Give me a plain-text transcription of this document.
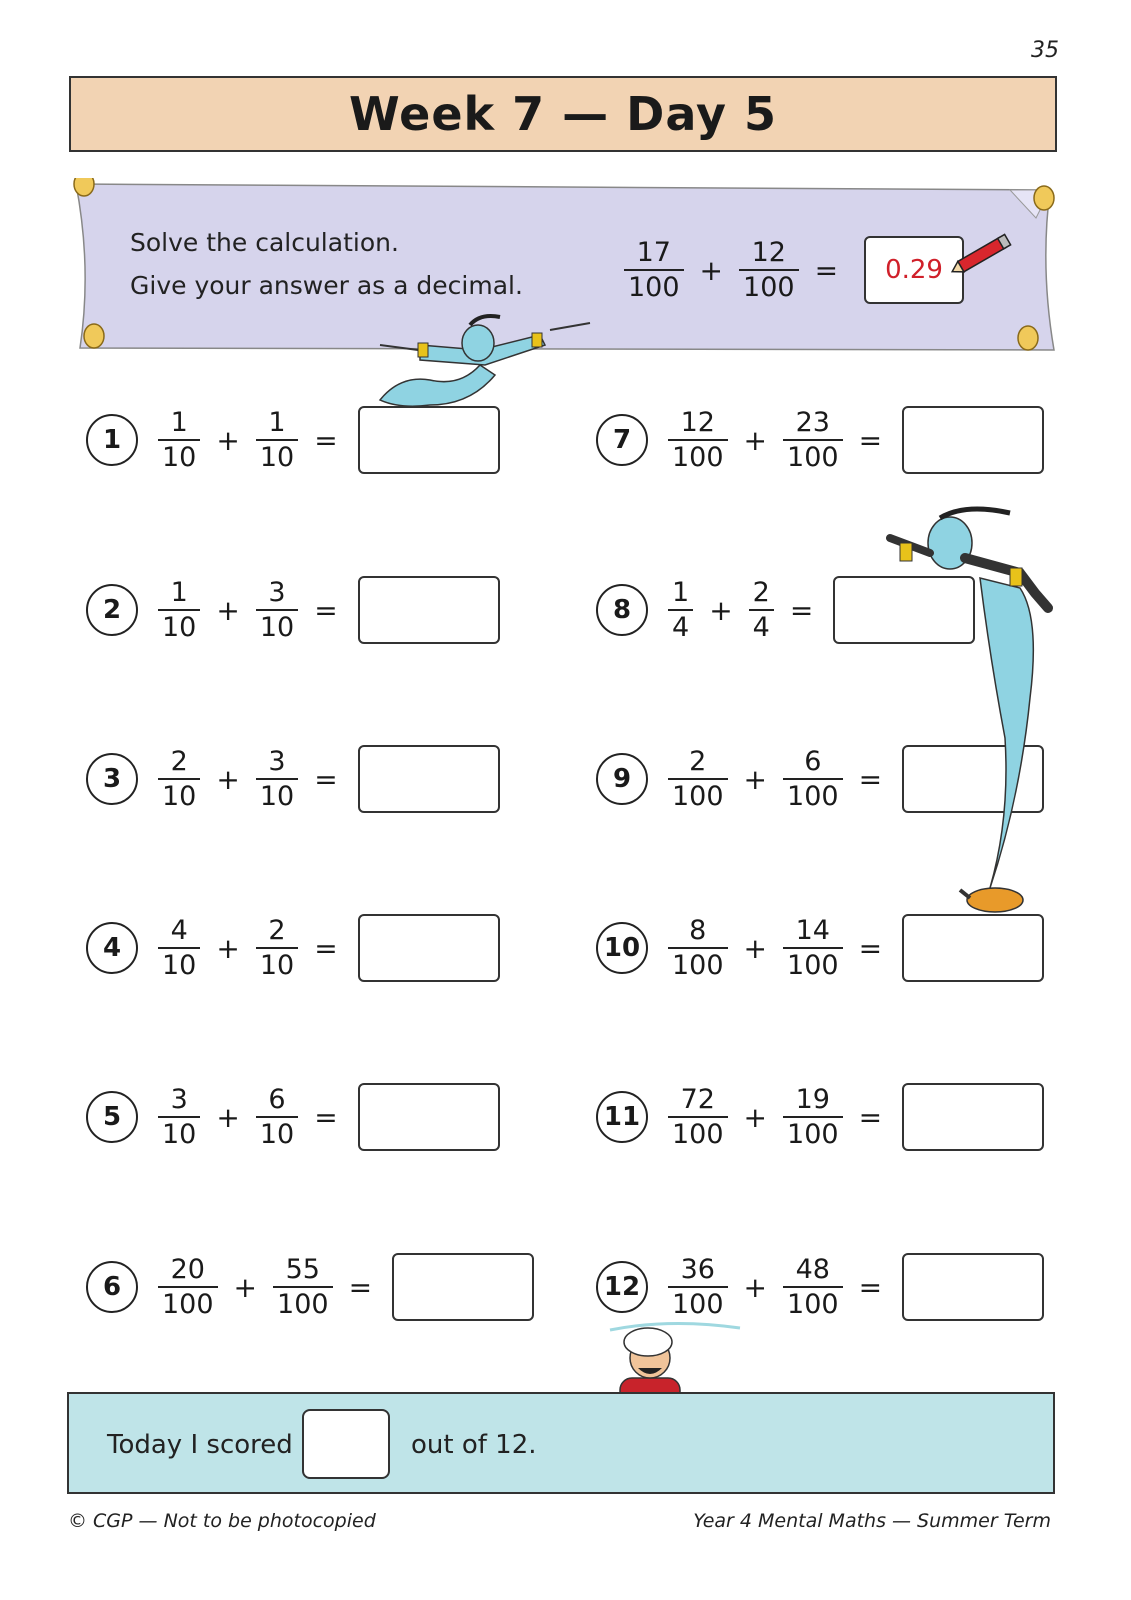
35
Week 7 — Day 5
Solve the calculation.
Give your answer as a decimal.	$\frac{17}{100} + \frac{12}{100}$ =	0.29
1	$\frac{1}{10} + \frac{1}{10}$ =
2	$\frac{1}{10} + \frac{3}{10}$ =
3	$\frac{2}{10} + \frac{3}{10}$ =
4	$\frac{4}{10} + \frac{2}{10}$ =
5	$\frac{3}{10} + \frac{6}{10}$ =
6	$\frac{20}{100} + \frac{55}{100}$ =
7	$\frac{12}{100} + \frac{23}{100}$ =
8	$\frac{1}{4} + \frac{2}{4}$ =
9	$\frac{2}{100} + \frac{6}{100}$ =
$10 \frac{8}{100} + \frac{14}{100}$ =
$11 \frac{72}{100} + \frac{19}{100}$ =
$12 \frac{36}{100} + \frac{48}{100}$ =
Today I scored	out of 12.
© CGP — Not to be photocopied	Year 4 Mental Maths — Summer Term
